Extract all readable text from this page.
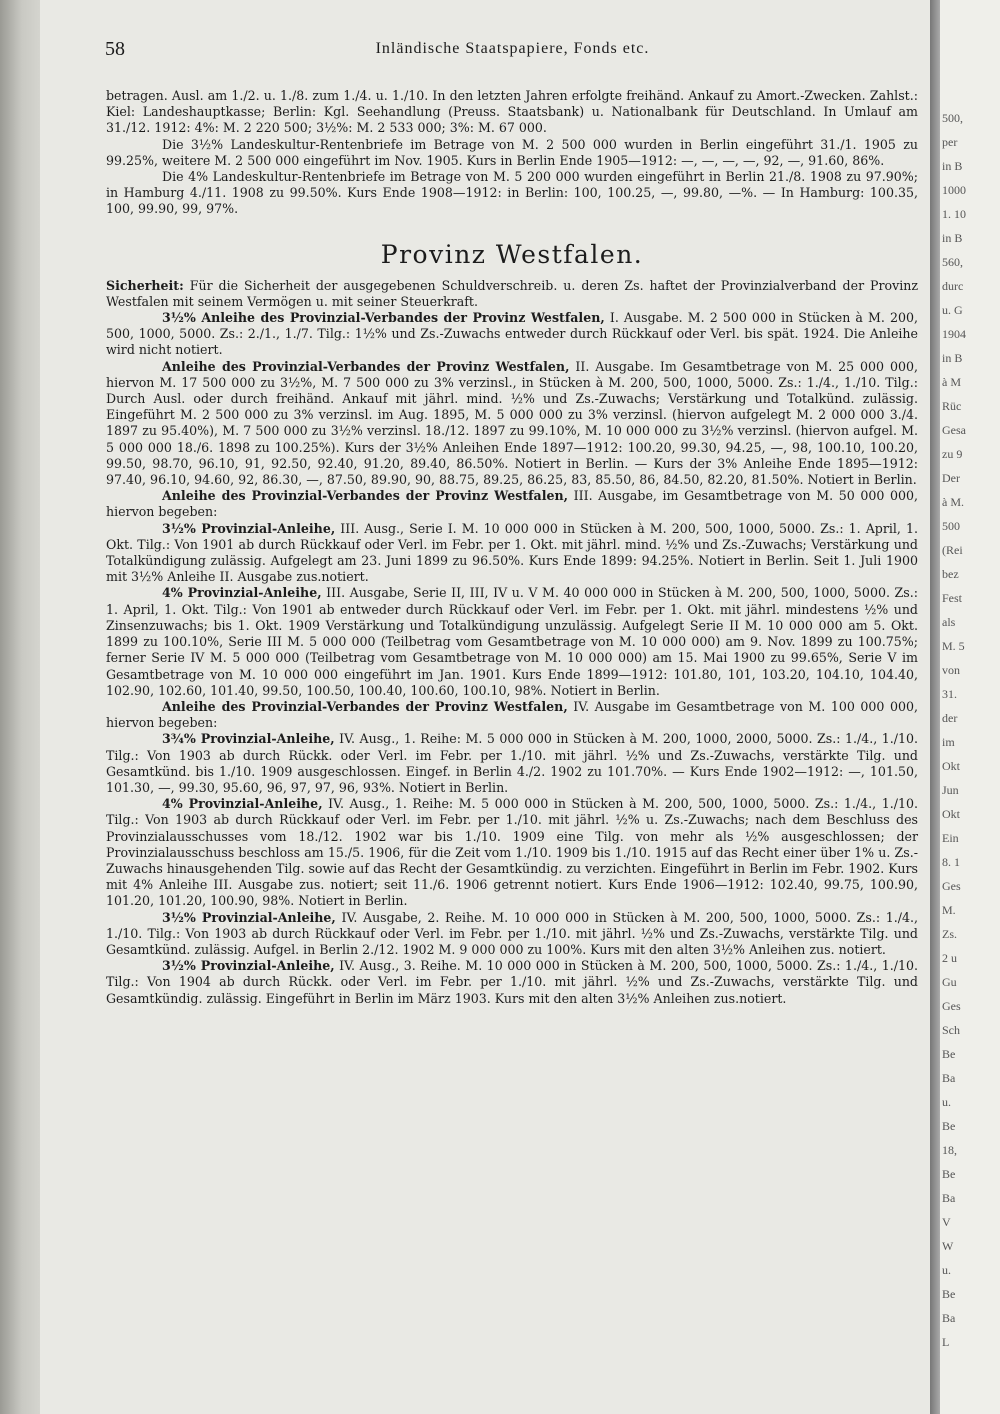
500,
per
in B
1000
1. 10
in B
560,
durc
u. G
1904
in B
à M
Rüc
Gesa
zu 9
Der
à M.
500
(Rei
bez
Fest
als
M. 5
von
31.
der
im
Okt
Jun
Okt
Ein
8. 1
Ges
M.
Zs.
2 u
Gu
Ges
Sch
Be
Ba
u.
Be
18,
Be
Ba
V
W
u.
Be
Ba
L
58	Inländische Staatspapiere, Fonds etc.

betragen. Ausl. am 1./2. u. 1./8. zum 1./4. u. 1./10. In den letzten Jahren erfolgte freihänd. Ankauf zu Amort.-Zwecken. Zahlst.: Kiel: Landeshauptkasse; Berlin: Kgl. Seehandlung (Preuss. Staatsbank) u. Nationalbank für Deutschland. In Umlauf am 31./12. 1912: 4%: M. 2 220 500; 3½%: M. 2 533 000; 3%: M. 67 000.

Die 3½% Landeskultur-Rentenbriefe im Betrage von M. 2 500 000 wurden in Berlin eingeführt 31./1. 1905 zu 99.25%, weitere M. 2 500 000 eingeführt im Nov. 1905. Kurs in Berlin Ende 1905—1912: —, —, —, —, 92, —, 91.60, 86%.

Die 4% Landeskultur-Rentenbriefe im Betrage von M. 5 200 000 wurden eingeführt in Berlin 21./8. 1908 zu 97.90%; in Hamburg 4./11. 1908 zu 99.50%. Kurs Ende 1908—1912: in Berlin: 100, 100.25, —, 99.80, —%. — In Hamburg: 100.35, 100, 99.90, 99, 97%.

Provinz Westfalen.

Sicherheit: Für die Sicherheit der ausgegebenen Schuldverschreib. u. deren Zs. haftet der Provinzialverband der Provinz Westfalen mit seinem Vermögen u. mit seiner Steuerkraft.

3½% Anleihe des Provinzial-Verbandes der Provinz Westfalen, I. Ausgabe. M. 2 500 000 in Stücken à M. 200, 500, 1000, 5000. Zs.: 2./1., 1./7. Tilg.: 1½% und Zs.-Zuwachs entweder durch Rückkauf oder Verl. bis spät. 1924. Die Anleihe wird nicht notiert.

Anleihe des Provinzial-Verbandes der Provinz Westfalen, II. Ausgabe. Im Gesamtbetrage von M. 25 000 000, hiervon M. 17 500 000 zu 3½%, M. 7 500 000 zu 3% verzinsl., in Stücken à M. 200, 500, 1000, 5000. Zs.: 1./4., 1./10. Tilg.: Durch Ausl. oder durch freihänd. Ankauf mit jährl. mind. ½% und Zs.-Zuwachs; Verstärkung und Totalkünd. zulässig. Eingeführt M. 2 500 000 zu 3% verzinsl. im Aug. 1895, M. 5 000 000 zu 3% verzinsl. (hiervon aufgelegt M. 2 000 000 3./4. 1897 zu 95.40%), M. 7 500 000 zu 3½% verzinsl. 18./12. 1897 zu 99.10%, M. 10 000 000 zu 3½% verzinsl. (hiervon aufgel. M. 5 000 000 18./6. 1898 zu 100.25%). Kurs der 3½% Anleihen Ende 1897—1912: 100.20, 99.30, 94.25, —, 98, 100.10, 100.20, 99.50, 98.70, 96.10, 91, 92.50, 92.40, 91.20, 89.40, 86.50%. Notiert in Berlin. — Kurs der 3% Anleihe Ende 1895—1912: 97.40, 96.10, 94.60, 92, 86.30, —, 87.50, 89.90, 90, 88.75, 89.25, 86.25, 83, 85.50, 86, 84.50, 82.20, 81.50%. Notiert in Berlin.

Anleihe des Provinzial-Verbandes der Provinz Westfalen, III. Ausgabe, im Gesamtbetrage von M. 50 000 000, hiervon begeben:

3½% Provinzial-Anleihe, III. Ausg., Serie I. M. 10 000 000 in Stücken à M. 200, 500, 1000, 5000. Zs.: 1. April, 1. Okt. Tilg.: Von 1901 ab durch Rückkauf oder Verl. im Febr. per 1. Okt. mit jährl. mind. ½% und Zs.-Zuwachs; Verstärkung und Totalkündigung zulässig. Aufgelegt am 23. Juni 1899 zu 96.50%. Kurs Ende 1899: 94.25%. Notiert in Berlin. Seit 1. Juli 1900 mit 3½% Anleihe II. Ausgabe zus.notiert.

4% Provinzial-Anleihe, III. Ausgabe, Serie II, III, IV u. V M. 40 000 000 in Stücken à M. 200, 500, 1000, 5000. Zs.: 1. April, 1. Okt. Tilg.: Von 1901 ab entweder durch Rückkauf oder Verl. im Febr. per 1. Okt. mit jährl. mindestens ½% und Zinsenzuwachs; bis 1. Okt. 1909 Verstärkung und Totalkündigung unzulässig. Aufgelegt Serie II M. 10 000 000 am 5. Okt. 1899 zu 100.10%, Serie III M. 5 000 000 (Teilbetrag vom Gesamtbetrage von M. 10 000 000) am 9. Nov. 1899 zu 100.75%; ferner Serie IV M. 5 000 000 (Teilbetrag vom Gesamtbetrage von M. 10 000 000) am 15. Mai 1900 zu 99.65%, Serie V im Gesamtbetrage von M. 10 000 000 eingeführt im Jan. 1901. Kurs Ende 1899—1912: 101.80, 101, 103.20, 104.10, 104.40, 102.90, 102.60, 101.40, 99.50, 100.50, 100.40, 100.60, 100.10, 98%. Notiert in Berlin.

Anleihe des Provinzial-Verbandes der Provinz Westfalen, IV. Ausgabe im Gesamtbetrage von M. 100 000 000, hiervon begeben:

3¾% Provinzial-Anleihe, IV. Ausg., 1. Reihe: M. 5 000 000 in Stücken à M. 200, 1000, 2000, 5000. Zs.: 1./4., 1./10. Tilg.: Von 1903 ab durch Rückk. oder Verl. im Febr. per 1./10. mit jährl. ½% und Zs.-Zuwachs, verstärkte Tilg. und Gesamtkünd. bis 1./10. 1909 ausgeschlossen. Eingef. in Berlin 4./2. 1902 zu 101.70%. — Kurs Ende 1902—1912: —, 101.50, 101.30, —, 99.30, 95.60, 96, 97, 97, 96, 93%. Notiert in Berlin.

4% Provinzial-Anleihe, IV. Ausg., 1. Reihe: M. 5 000 000 in Stücken à M. 200, 500, 1000, 5000. Zs.: 1./4., 1./10. Tilg.: Von 1903 ab durch Rückkauf oder Verl. im Febr. per 1./10. mit jährl. ½% u. Zs.-Zuwachs; nach dem Beschluss des Provinzialausschusses vom 18./12. 1902 war bis 1./10. 1909 eine Tilg. von mehr als ½% ausgeschlossen; der Provinzialausschuss beschloss am 15./5. 1906, für die Zeit vom 1./10. 1909 bis 1./10. 1915 auf das Recht einer über 1% u. Zs.-Zuwachs hinausgehenden Tilg. sowie auf das Recht der Gesamtkündig. zu verzichten. Eingeführt in Berlin im Febr. 1902. Kurs mit 4% Anleihe III. Ausgabe zus. notiert; seit 11./6. 1906 getrennt notiert. Kurs Ende 1906—1912: 102.40, 99.75, 100.90, 101.20, 101.20, 100.90, 98%. Notiert in Berlin.

3½% Provinzial-Anleihe, IV. Ausgabe, 2. Reihe. M. 10 000 000 in Stücken à M. 200, 500, 1000, 5000. Zs.: 1./4., 1./10. Tilg.: Von 1903 ab durch Rückkauf oder Verl. im Febr. per 1./10. mit jährl. ½% und Zs.-Zuwachs, verstärkte Tilg. und Gesamtkünd. zulässig. Aufgel. in Berlin 2./12. 1902 M. 9 000 000 zu 100%. Kurs mit den alten 3½% Anleihen zus. notiert.

3½% Provinzial-Anleihe, IV. Ausg., 3. Reihe. M. 10 000 000 in Stücken à M. 200, 500, 1000, 5000. Zs.: 1./4., 1./10. Tilg.: Von 1904 ab durch Rückk. oder Verl. im Febr. per 1./10. mit jährl. ½% und Zs.-Zuwachs, verstärkte Tilg. und Gesamtkündig. zulässig. Eingeführt in Berlin im März 1903. Kurs mit den alten 3½% Anleihen zus.notiert.
